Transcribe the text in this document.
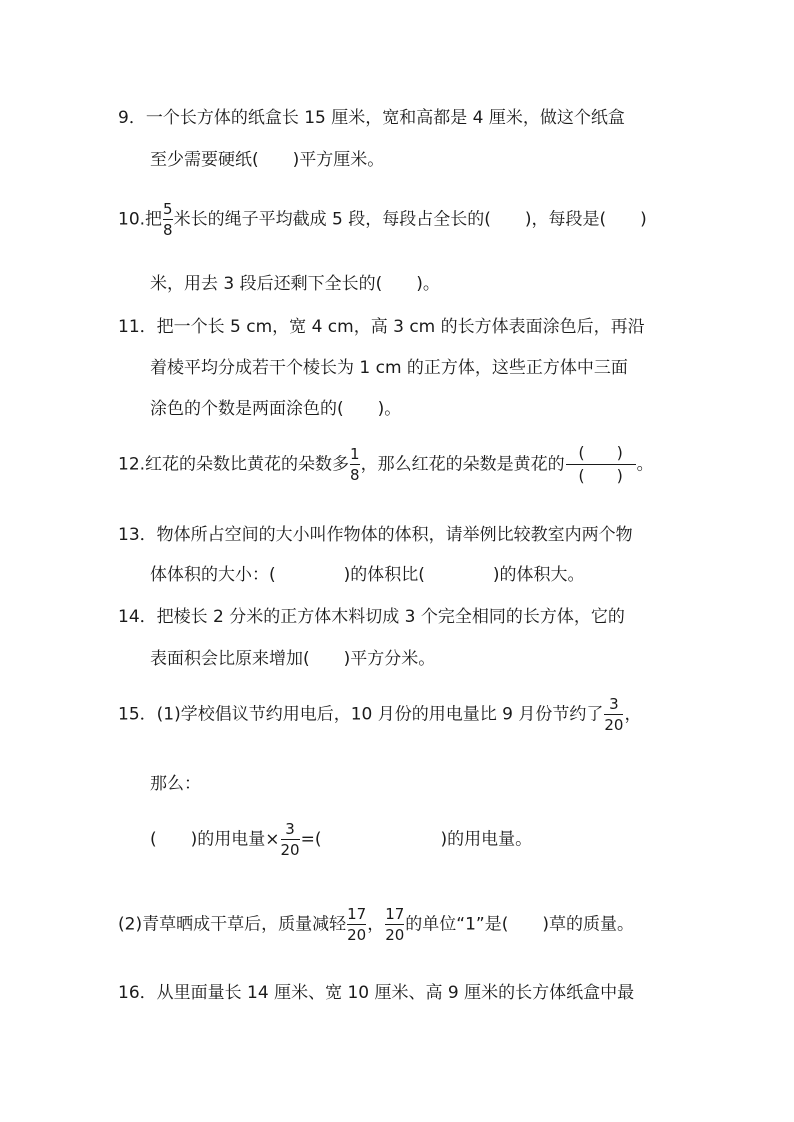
9．一个长方体的纸盒长 15 厘米，宽和高都是 4 厘米，做这个纸盒
至少需要硬纸(　　)平方厘米。
10.把 $\frac{5}{8}$ 米长的绳子平均截成 5 段，每段占全长的(　　)，每段是(　　)
米，用去 3 段后还剩下全长的(　　)。
11．把一个长 5 cm，宽 4 cm，高 3 cm 的长方体表面涂色后，再沿
着棱平均分成若干个棱长为 1 cm 的正方体，这些正方体中三面
涂色的个数是两面涂色的(　　)。
12.红花的朵数比黄花的朵数多 $\frac{1}{8}$ ，那么红花的朵数是黄花的 $\frac{( )}{( )}$ 。
13．物体所占空间的大小叫作物体的体积，请举例比较教室内两个物
体体积的大小：(　　　　)的体积比(　　　　)的体积大。
14．把棱长 2 分米的正方体木料切成 3 个完全相同的长方体，它的
表面积会比原来增加(　　)平方分米。
15．(1)学校倡议节约用电后，10 月份的用电量比 9 月份节约了 $\frac{3}{20}$ ，
那么：
(　　)的用电量× $\frac{3}{20}$ =(　　　　　　　)的用电量。
(2)青草晒成干草后，质量减轻 $\frac{17}{20}$ ， $\frac{17}{20}$ 的单位“1”是(　　)草的质量。
16．从里面量长 14 厘米、宽 10 厘米、高 9 厘米的长方体纸盒中最
